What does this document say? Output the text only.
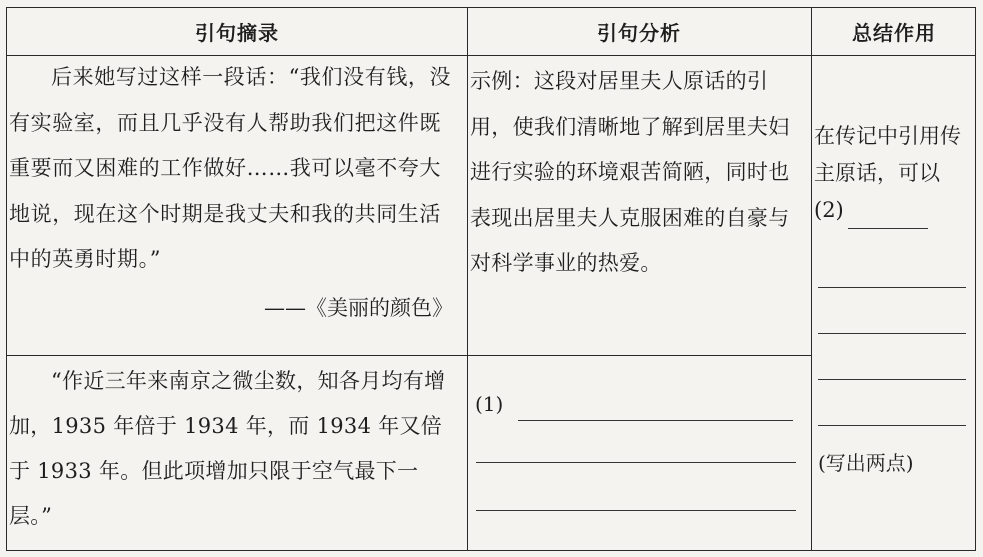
引句摘录	引句分析	总结作用
后来她写过这样一段话：“我们没有钱，没有实验室，而且几乎没有人帮助我们把这件既重要而又困难的工作做好……我可以毫不夸大地说，现在这个时期是我丈夫和我的共同生活中的英勇时期。”
——《美丽的颜色》
示例：这段对居里夫人原话的引用，使我们清晰地了解到居里夫妇进行实验的环境艰苦简陋，同时也表现出居里夫人克服困难的自豪与对科学事业的热爱。
“作近三年来南京之微尘数，知各月均有增加，1935 年倍于 1934 年，而 1934 年又倍于 1933 年。但此项增加只限于空气最下一层。”
(1)
在传记中引用传主原话，可以(2)
(写出两点)
